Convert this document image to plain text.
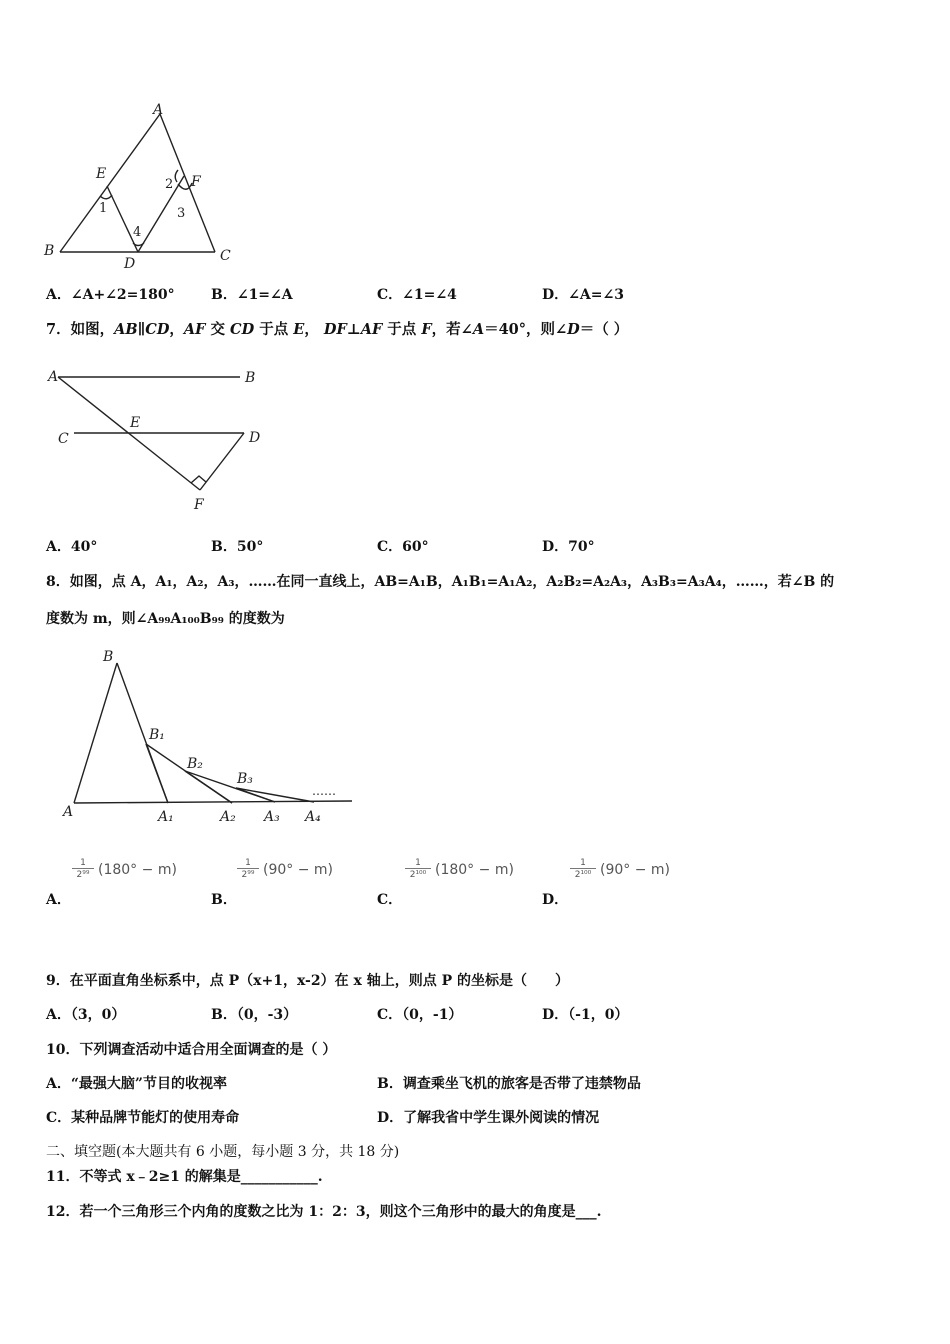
A
B	C
D
E	F
1
2
3
4
A．∠A+∠2=180°	B．∠1=∠A	C．∠1=∠4	D．∠A=∠3
7．如图，AB∥CD，AF 交 CD 于点 E， DF⊥AF 于点 F，若∠A＝40°，则∠D＝（ ）
A	B
C	D
E
F
A．40°	B．50°	C．60°	D．70°
8．如图，点 A，A₁，A₂，A₃，……在同一直线上，AB=A₁B，A₁B₁=A₁A₂，A₂B₂=A₂A₃，A₃B₃=A₃A₄，……，若∠B 的
度数为 m，则∠A₉₉A₁₀₀B₉₉ 的度数为
B
B₁
B₂
B₃
A	A₁	A₂ A₃ A₄
……
1
2⁹⁹ (180° − m)
A．
1
2⁹⁹ (90° − m)
B．
1
2¹⁰⁰ (180° − m)
C．
1
2¹⁰⁰ (90° − m)
D．
9．在平面直角坐标系中，点 P（x+1，x-2）在 x 轴上，则点 P 的坐标是（　　）
A．（3，0）	B．（0，-3）	C．（0，-1）	D．（-1，0）
10．下列调查活动中适合用全面调查的是（ ）
A．“最强大脑”节目的收视率	B．调查乘坐飞机的旅客是否带了违禁物品
C．某种品牌节能灯的使用寿命	D．了解我省中学生课外阅读的情况
二、填空题(本大题共有 6 小题，每小题 3 分，共 18 分)
11．不等式 x﹣2≥1 的解集是___________.
12．若一个三角形三个内角的度数之比为 1：2：3，则这个三角形中的最大的角度是___.
